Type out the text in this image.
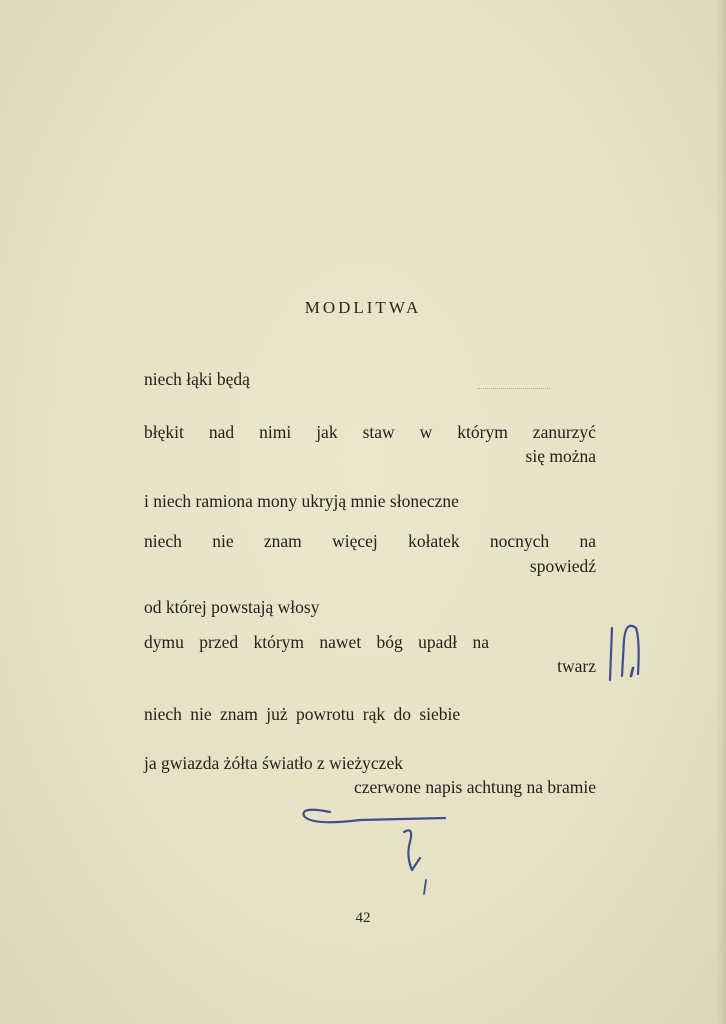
MODLITWA
niech łąki będą
błękit nad nimi jak staw w którym zanurzyć
się można
i niech ramiona mony ukryją mnie słoneczne
niech nie znam więcej kołatek nocnych na
spowiedź
od której powstają włosy
dymu przed którym nawet bóg upadł na
twarz
niech nie znam już powrotu rąk do siebie
ja gwiazda żółta światło z wieżyczek
czerwone napis achtung na bramie
42
